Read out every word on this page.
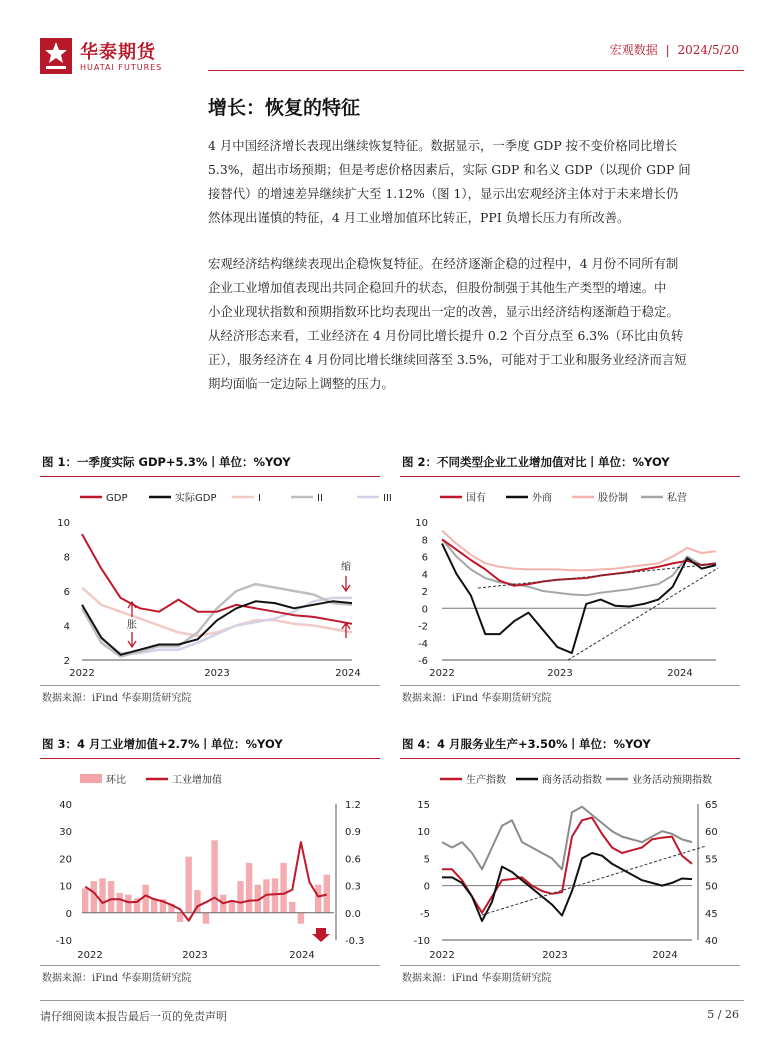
华泰期货
HUATAI FUTURES
宏观数据 | 2024/5/20
增长：恢复的特征
4 月中国经济增长表现出继续恢复特征。数据显示，一季度 GDP 按不变价格同比增长
5.3%，超出市场预期；但是考虑价格因素后，实际 GDP 和名义 GDP（以现价 GDP 间
接替代）的增速差异继续扩大至 1.12%（图 1），显示出宏观经济主体对于未来增长仍
然体现出谨慎的特征，4 月工业增加值环比转正，PPI 负增长压力有所改善。
宏观经济结构继续表现出企稳恢复特征。在经济逐渐企稳的过程中，4 月份不同所有制
企业工业增加值表现出共同企稳回升的状态，但股份制强于其他生产类型的增速。中
小企业现状指数和预期指数环比均表现出一定的改善，显示出经济结构逐渐趋于稳定。
从经济形态来看，工业经济在 4 月份同比增长提升 0.2 个百分点至 6.3%（环比由负转
正），服务经济在 4 月份同比增长继续回落至 3.5%，可能对于工业和服务业经济而言短
期均面临一定边际上调整的压力。
图 1：一季度实际 GDP+5.3%丨单位：%YOY	图 2：不同类型企业工业增加值对比丨单位：%YOY
图 3：4 月工业增加值+2.7%丨单位：%YOY	图 4：4 月服务业生产+3.50%丨单位：%YOY
GDP	实际GDP	I	II	III
10
8
6
4
2
2022	2023	2024
胀
缩
国有	外商	股份制	私营
10
8
6
4
2
0
-2
-4
-6
2022	2023	2024
环比	工业增加值
40
30
20
10
0
-10
1.2
0.9
0.6
0.3
0.0
-0.3
2022	2023	2024
生产指数	商务活动指数	业务活动预期指数
15
10
5
0
-5
-10
65
60
55
50
45
40
2022	2023	2024
数据来源：iFind 华泰期货研究院	数据来源：iFind 华泰期货研究院
数据来源：iFind 华泰期货研究院	数据来源：iFind 华泰期货研究院
请仔细阅读本报告最后一页的免责声明	5 / 26
